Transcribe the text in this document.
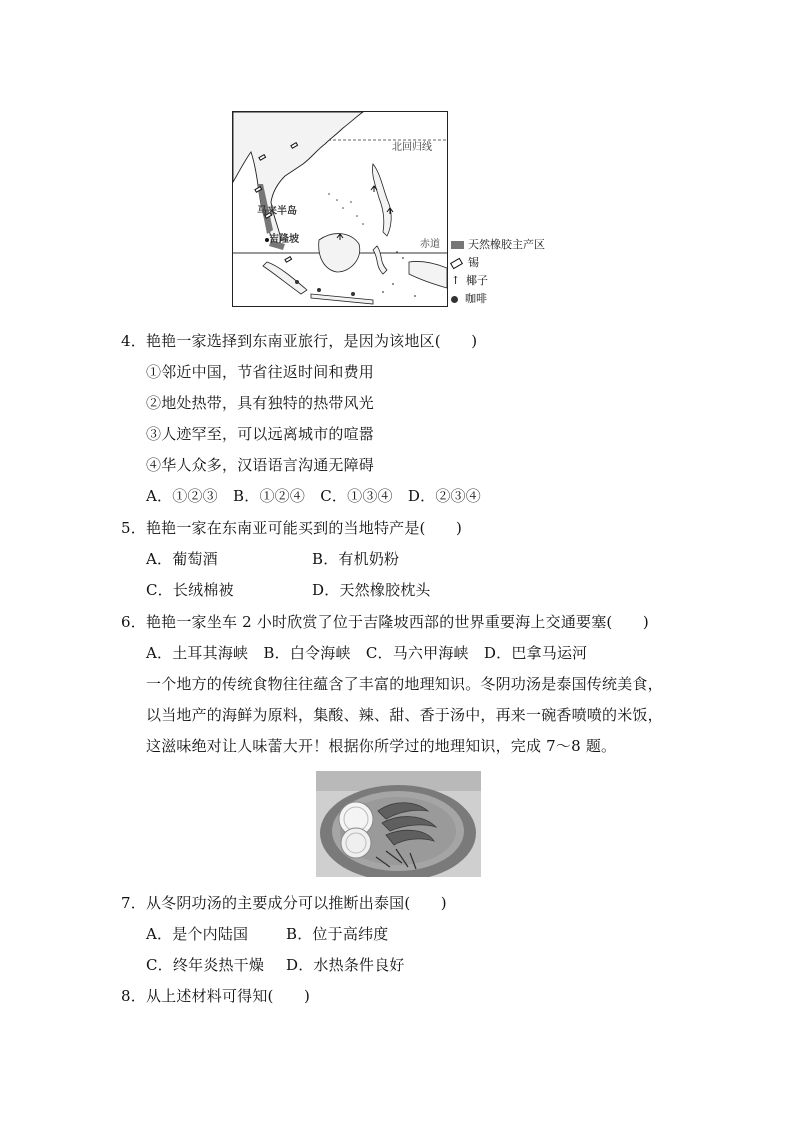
北回归线
赤道
马来半岛
吉隆坡	天然橡胶主产区
锡
↑ 椰子
咖啡
4．艳艳一家选择到东南亚旅行，是因为该地区(　　)
①邻近中国，节省往返时间和费用
②地处热带，具有独特的热带风光
③人迹罕至，可以远离城市的喧嚣
④华人众多，汉语语言沟通无障碍
A．①②③　B．①②④　C．①③④　D．②③④
5．艳艳一家在东南亚可能买到的当地特产是(　　)
A．葡萄酒	B．有机奶粉
C．长绒棉被	D．天然橡胶枕头
6．艳艳一家坐车 2 小时欣赏了位于吉隆坡西部的世界重要海上交通要塞(　　)
A．土耳其海峡　B．白令海峡　C．马六甲海峡　D．巴拿马运河
一个地方的传统食物往往蕴含了丰富的地理知识。冬阴功汤是泰国传统美食，
以当地产的海鲜为原料，集酸、辣、甜、香于汤中，再来一碗香喷喷的米饭，
这滋味绝对让人味蕾大开！根据你所学过的地理知识，完成 7～8 题。
7．从冬阴功汤的主要成分可以推断出泰国(　　)
A．是个内陆国	B．位于高纬度
C．终年炎热干燥 D．水热条件良好
8．从上述材料可得知(　　)
